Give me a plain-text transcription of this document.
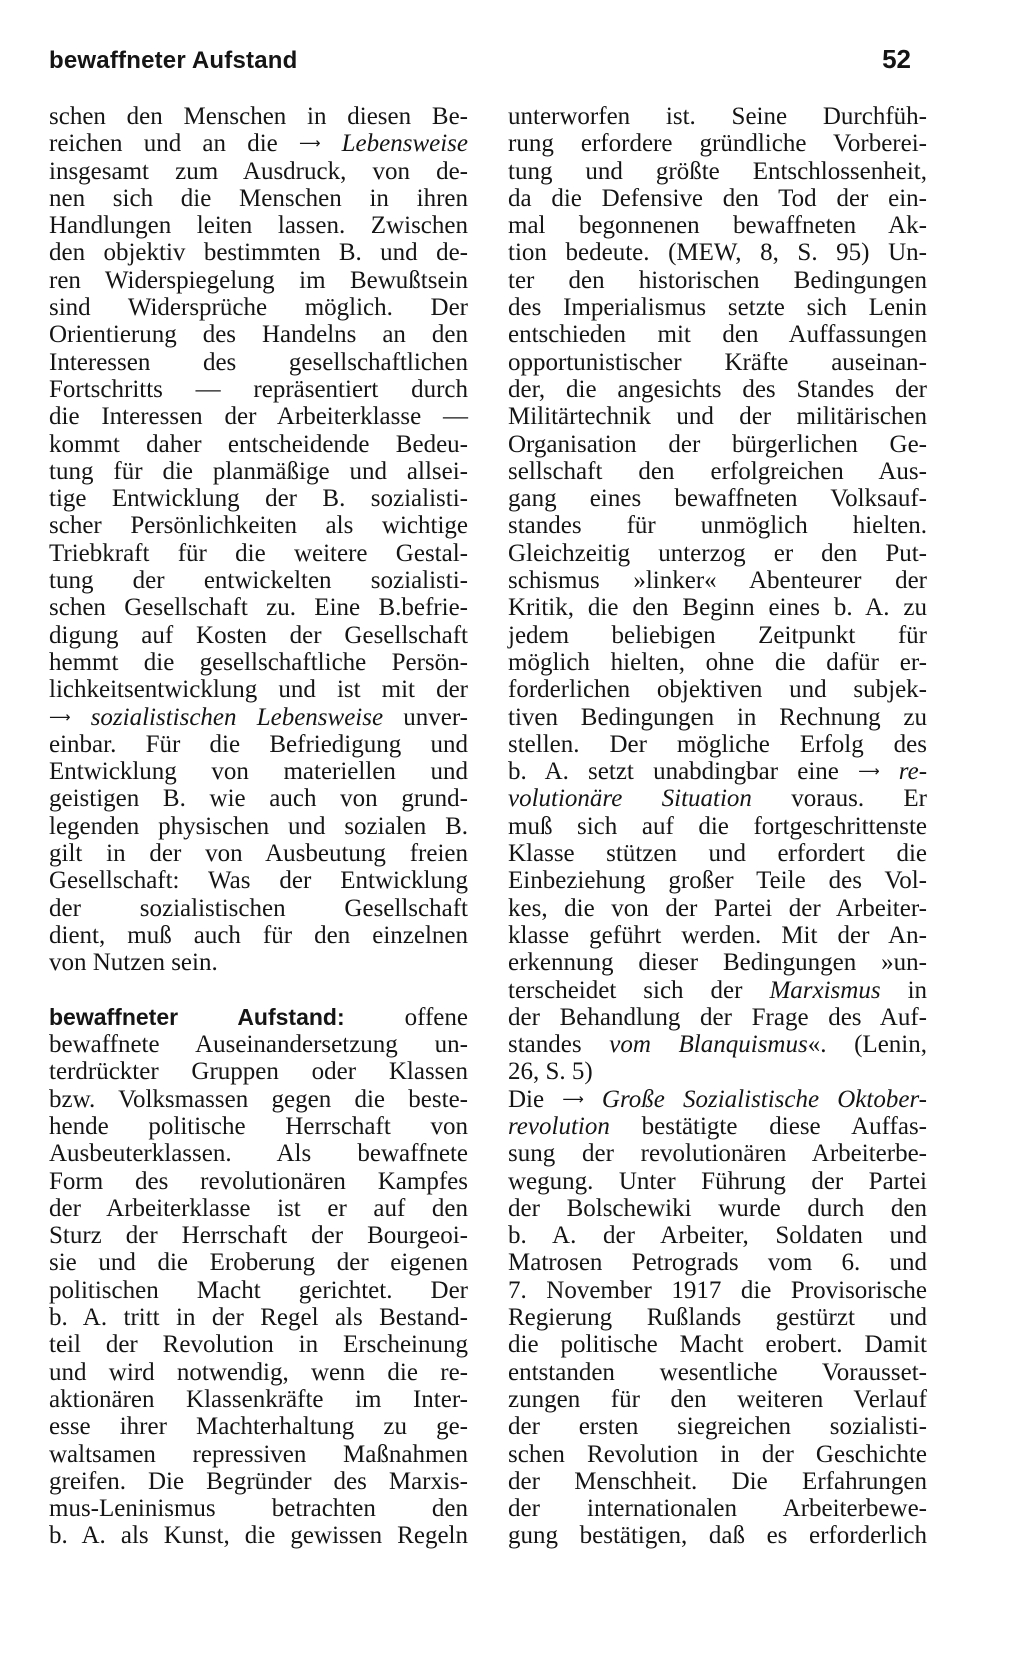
bewaffneter Aufstand	52
schen den Menschen in diesen Be-
reichen und an die ⟶ Lebensweise
insgesamt zum Ausdruck, von de-
nen sich die Menschen in ihren
Handlungen leiten lassen. Zwischen
den objektiv bestimmten B. und de-
ren Widerspiegelung im Bewußtsein
sind Widersprüche möglich. Der
Orientierung des Handelns an den
Interessen des gesellschaftlichen
Fortschritts — repräsentiert durch
die Interessen der Arbeiterklasse —
kommt daher entscheidende Bedeu-
tung für die planmäßige und allsei-
tige Entwicklung der B. sozialisti-
scher Persönlichkeiten als wichtige
Triebkraft für die weitere Gestal-
tung der entwickelten sozialisti-
schen Gesellschaft zu. Eine B.befrie-
digung auf Kosten der Gesellschaft
hemmt die gesellschaftliche Persön-
lichkeitsentwicklung und ist mit der
⟶ sozialistischen Lebensweise unver-
einbar. Für die Befriedigung und
Entwicklung von materiellen und
geistigen B. wie auch von grund-
legenden physischen und sozialen B.
gilt in der von Ausbeutung freien
Gesellschaft: Was der Entwicklung
der sozialistischen Gesellschaft
dient, muß auch für den einzelnen
von Nutzen sein.
bewaffneter Aufstand: offene
bewaffnete Auseinandersetzung un-
terdrückter Gruppen oder Klassen
bzw. Volksmassen gegen die beste-
hende politische Herrschaft von
Ausbeuterklassen. Als bewaffnete
Form des revolutionären Kampfes
der Arbeiterklasse ist er auf den
Sturz der Herrschaft der Bourgeoi-
sie und die Eroberung der eigenen
politischen Macht gerichtet. Der
b. A. tritt in der Regel als Bestand-
teil der Revolution in Erscheinung
und wird notwendig, wenn die re-
aktionären Klassenkräfte im Inter-
esse ihrer Machterhaltung zu ge-
waltsamen repressiven Maßnahmen
greifen. Die Begründer des Marxis-
mus-Leninismus betrachten den
b. A. als Kunst, die gewissen Regeln
unterworfen ist. Seine Durchfüh-
rung erfordere gründliche Vorberei-
tung und größte Entschlossenheit,
da die Defensive den Tod der ein-
mal begonnenen bewaffneten Ak-
tion bedeute. (MEW, 8, S. 95) Un-
ter den historischen Bedingungen
des Imperialismus setzte sich Lenin
entschieden mit den Auffassungen
opportunistischer Kräfte auseinan-
der, die angesichts des Standes der
Militärtechnik und der militärischen
Organisation der bürgerlichen Ge-
sellschaft den erfolgreichen Aus-
gang eines bewaffneten Volksauf-
standes für unmöglich hielten.
Gleichzeitig unterzog er den Put-
schismus »linker« Abenteurer der
Kritik, die den Beginn eines b. A. zu
jedem beliebigen Zeitpunkt für
möglich hielten, ohne die dafür er-
forderlichen objektiven und subjek-
tiven Bedingungen in Rechnung zu
stellen. Der mögliche Erfolg des
b. A. setzt unabdingbar eine ⟶ re-
volutionäre Situation voraus. Er
muß sich auf die fortgeschrittenste
Klasse stützen und erfordert die
Einbeziehung großer Teile des Vol-
kes, die von der Partei der Arbeiter-
klasse geführt werden. Mit der An-
erkennung dieser Bedingungen »un-
terscheidet sich der Marxismus in
der Behandlung der Frage des Auf-
standes vom Blanquismus«. (Lenin,
26, S. 5)
Die ⟶ Große Sozialistische Oktober-
revolution bestätigte diese Auffas-
sung der revolutionären Arbeiterbe-
wegung. Unter Führung der Partei
der Bolschewiki wurde durch den
b. A. der Arbeiter, Soldaten und
Matrosen Petrograds vom 6. und
7. November 1917 die Provisorische
Regierung Rußlands gestürzt und
die politische Macht erobert. Damit
entstanden wesentliche Vorausset-
zungen für den weiteren Verlauf
der ersten siegreichen sozialisti-
schen Revolution in der Geschichte
der Menschheit. Die Erfahrungen
der internationalen Arbeiterbewe-
gung bestätigen, daß es erforderlich
